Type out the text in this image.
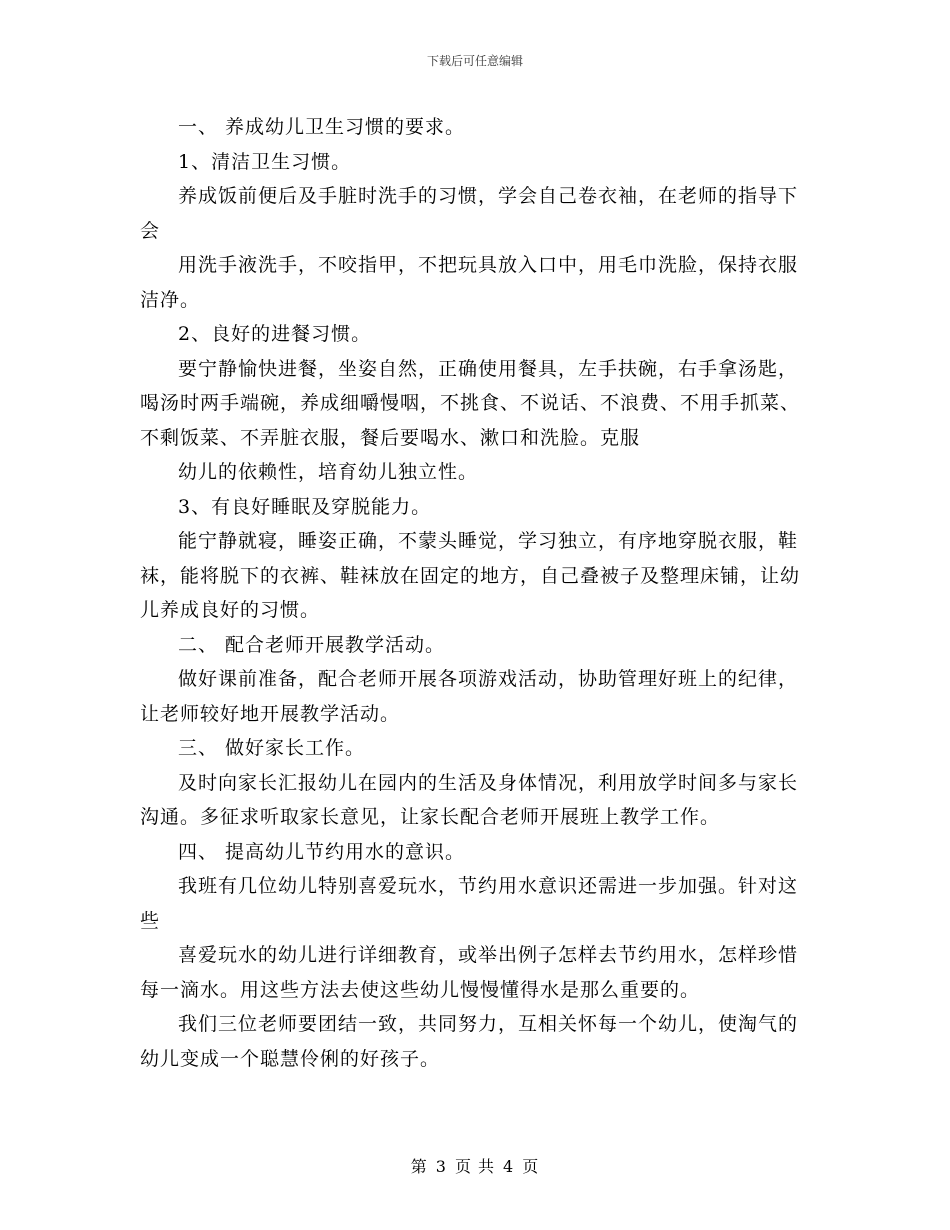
下载后可任意编辑

一、 养成幼儿卫生习惯的要求。

1、清洁卫生习惯。

养成饭前便后及手脏时洗手的习惯，学会自己卷衣袖，在老师的指导下会

用洗手液洗手，不咬指甲，不把玩具放入口中，用毛巾洗脸，保持衣服洁净。

2、良好的进餐习惯。

要宁静愉快进餐，坐姿自然，正确使用餐具，左手扶碗，右手拿汤匙，喝汤时两手端碗，养成细嚼慢咽，不挑食、不说话、不浪费、不用手抓菜、不剩饭菜、不弄脏衣服，餐后要喝水、漱口和洗脸。克服

幼儿的依赖性，培育幼儿独立性。

3、有良好睡眠及穿脱能力。

能宁静就寝，睡姿正确，不蒙头睡觉，学习独立，有序地穿脱衣服，鞋袜，能将脱下的衣裤、鞋袜放在固定的地方，自己叠被子及整理床铺，让幼儿养成良好的习惯。

二、 配合老师开展教学活动。

做好课前准备，配合老师开展各项游戏活动，协助管理好班上的纪律，让老师较好地开展教学活动。

三、 做好家长工作。

及时向家长汇报幼儿在园内的生活及身体情况，利用放学时间多与家长沟通。多征求听取家长意见，让家长配合老师开展班上教学工作。

四、 提高幼儿节约用水的意识。

我班有几位幼儿特别喜爱玩水，节约用水意识还需进一步加强。针对这些

喜爱玩水的幼儿进行详细教育，或举出例子怎样去节约用水，怎样珍惜每一滴水。用这些方法去使这些幼儿慢慢懂得水是那么重要的。

我们三位老师要团结一致，共同努力，互相关怀每一个幼儿，使淘气的幼儿变成一个聪慧伶俐的好孩子。

第 3 页 共 4 页
